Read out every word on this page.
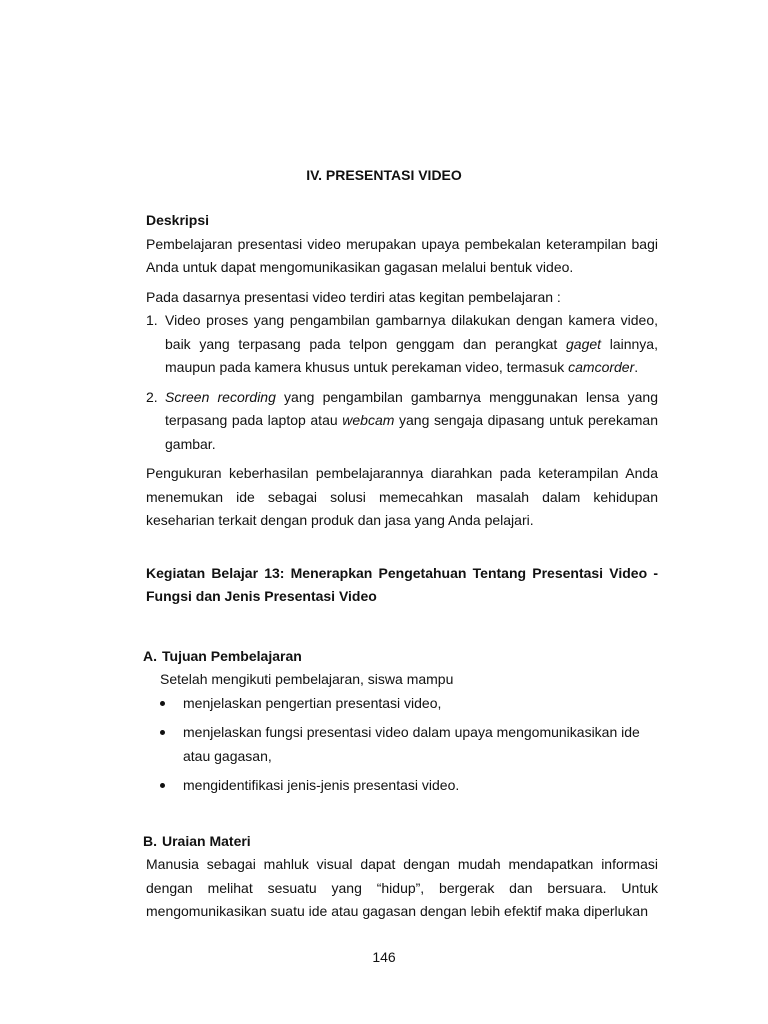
IV. PRESENTASI VIDEO

Deskripsi

Pembelajaran presentasi video merupakan upaya pembekalan keterampilan bagi Anda untuk dapat mengomunikasikan gagasan melalui bentuk video.

Pada dasarnya presentasi video terdiri atas kegitan pembelajaran :

1. Video proses yang pengambilan gambarnya dilakukan dengan kamera video, baik yang terpasang pada telpon genggam dan perangkat gaget lainnya, maupun pada kamera khusus untuk perekaman video, termasuk camcorder.
2. Screen recording yang pengambilan gambarnya menggunakan lensa yang terpasang pada laptop atau webcam yang sengaja dipasang untuk perekaman gambar.

Pengukuran keberhasilan pembelajarannya diarahkan pada keterampilan Anda menemukan ide sebagai solusi memecahkan masalah dalam kehidupan keseharian terkait dengan produk dan jasa yang Anda pelajari.

Kegiatan Belajar 13: Menerapkan Pengetahuan Tentang Presentasi Video - Fungsi dan Jenis Presentasi Video

A. Tujuan Pembelajaran

Setelah mengikuti pembelajaran, siswa mampu

menjelaskan pengertian presentasi video,
menjelaskan fungsi presentasi video dalam upaya mengomunikasikan ide atau gagasan,
mengidentifikasi jenis-jenis presentasi video.
B. Uraian Materi

Manusia sebagai mahluk visual dapat dengan mudah mendapatkan informasi dengan melihat sesuatu yang “hidup”, bergerak dan bersuara. Untuk mengomunikasikan suatu ide atau gagasan dengan lebih efektif maka diperlukan

146
